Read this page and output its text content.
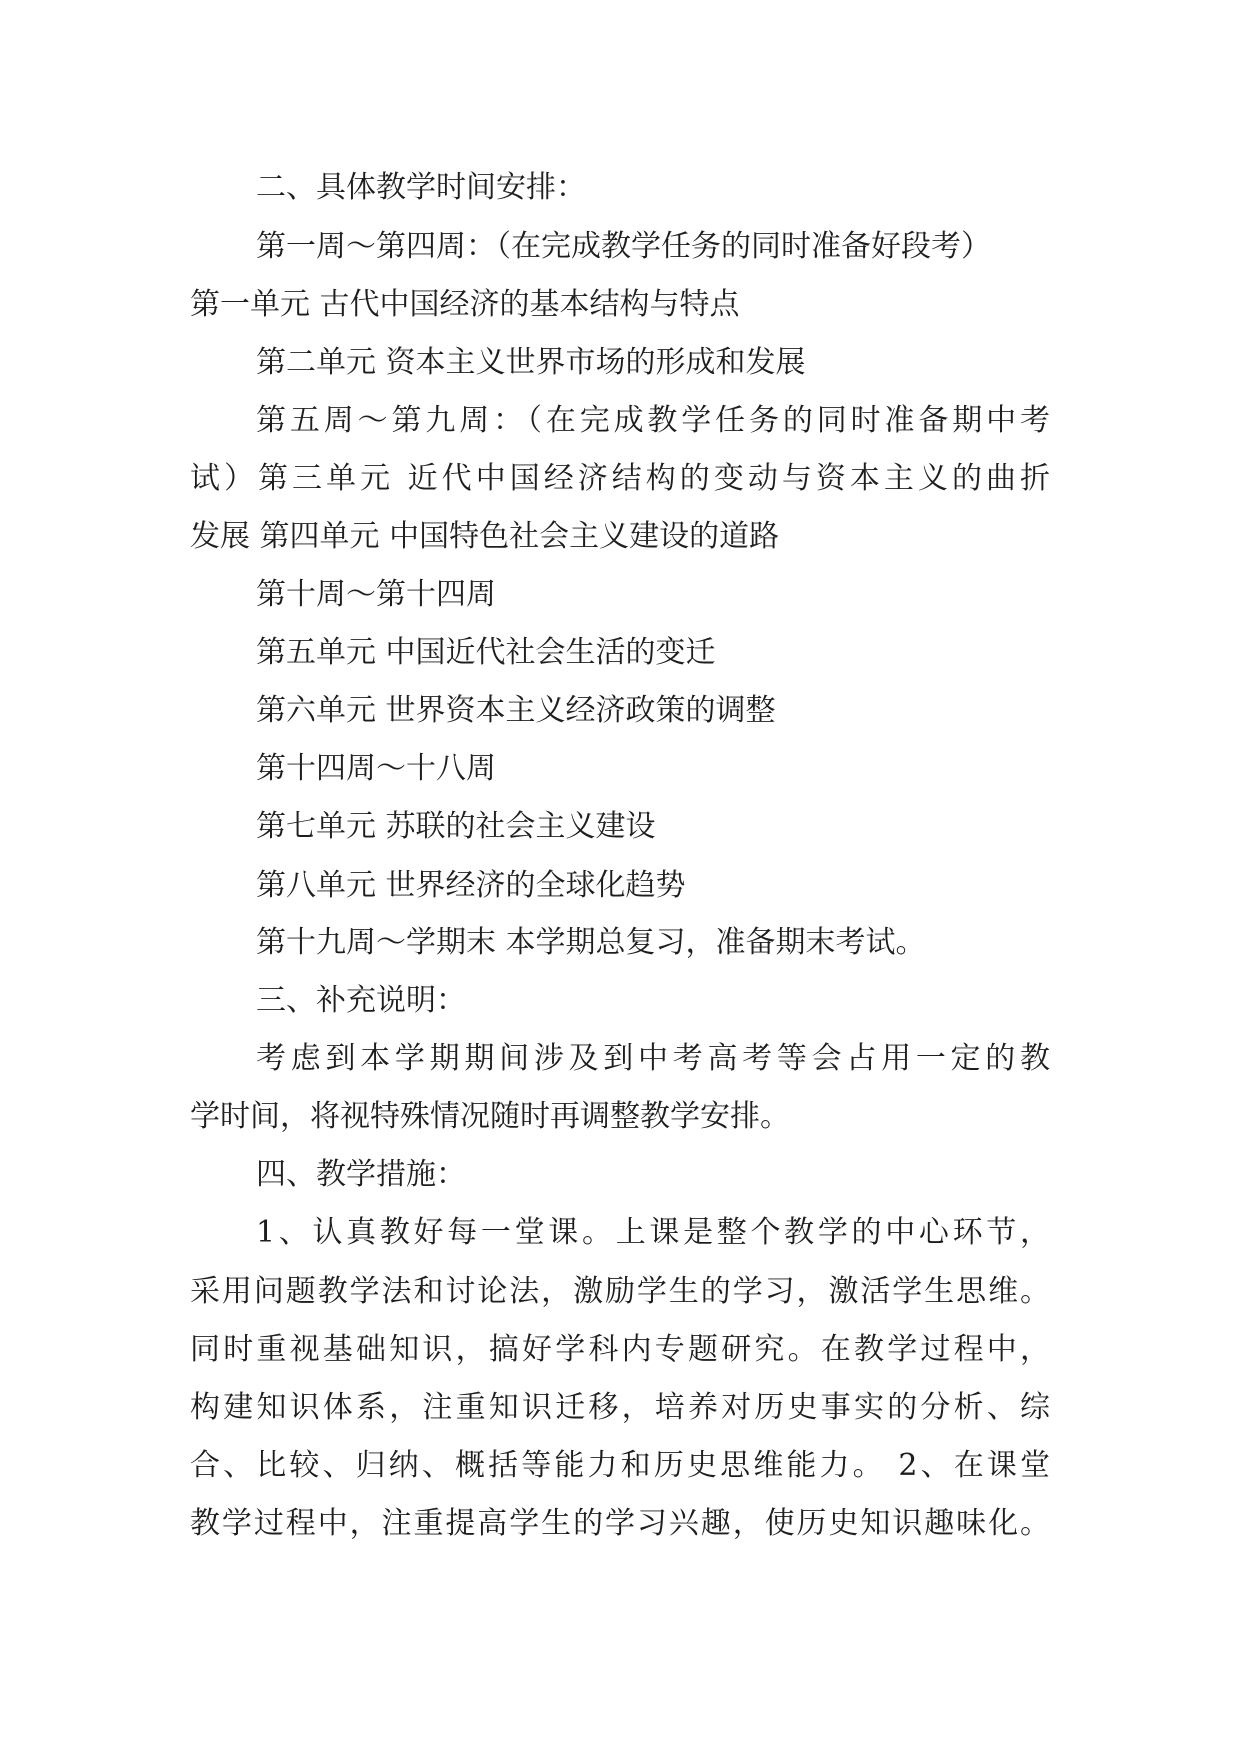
二、具体教学时间安排：
第一周～第四周：（在完成教学任务的同时准备好段考）
第一单元 古代中国经济的基本结构与特点
第二单元 资本主义世界市场的形成和发展
第五周～第九周：（在完成教学任务的同时准备期中考
试）第三单元 近代中国经济结构的变动与资本主义的曲折
发展 第四单元 中国特色社会主义建设的道路
第十周～第十四周
第五单元 中国近代社会生活的变迁
第六单元 世界资本主义经济政策的调整
第十四周～十八周
第七单元 苏联的社会主义建设
第八单元 世界经济的全球化趋势
第十九周～学期末 本学期总复习，准备期末考试。
三、补充说明：
考虑到本学期期间涉及到中考高考等会占用一定的教
学时间，将视特殊情况随时再调整教学安排。
四、教学措施：
1、认真教好每一堂课。上课是整个教学的中心环节，
采用问题教学法和讨论法，激励学生的学习，激活学生思维。
同时重视基础知识，搞好学科内专题研究。在教学过程中，
构建知识体系，注重知识迁移，培养对历史事实的分析、综
合、比较、归纳、概括等能力和历史思维能力。 2、在课堂
教学过程中，注重提高学生的学习兴趣，使历史知识趣味化。
